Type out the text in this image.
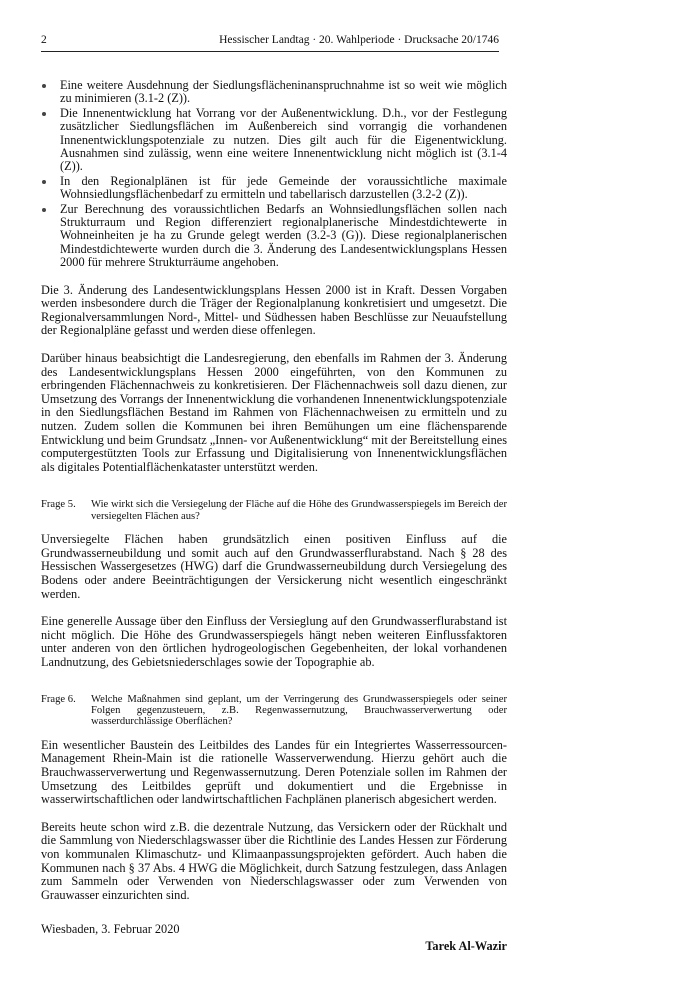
2	Hessischer Landtag · 20. Wahlperiode · Drucksache 20/1746
Eine weitere Ausdehnung der Siedlungsflächeninanspruchnahme ist so weit wie möglich zu minimieren (3.1-2 (Z)).
Die Innenentwicklung hat Vorrang vor der Außenentwicklung. D.h., vor der Festlegung zusätzlicher Siedlungsflächen im Außenbereich sind vorrangig die vorhandenen Innenentwicklungspotenziale zu nutzen. Dies gilt auch für die Eigenentwicklung. Ausnahmen sind zulässig, wenn eine weitere Innenentwicklung nicht möglich ist (3.1-4 (Z)).
In den Regionalplänen ist für jede Gemeinde der voraussichtliche maximale Wohnsiedlungsflächenbedarf zu ermitteln und tabellarisch darzustellen (3.2-2 (Z)).
Zur Berechnung des voraussichtlichen Bedarfs an Wohnsiedlungsflächen sollen nach Strukturraum und Region differenziert regionalplanerische Mindestdichtewerte in Wohneinheiten je ha zu Grunde gelegt werden (3.2-3 (G)). Diese regionalplanerischen Mindestdichtewerte wurden durch die 3. Änderung des Landesentwicklungsplans Hessen 2000 für mehrere Strukturräume angehoben.

Die 3. Änderung des Landesentwicklungsplans Hessen 2000 ist in Kraft. Dessen Vorgaben werden insbesondere durch die Träger der Regionalplanung konkretisiert und umgesetzt. Die Regionalversammlungen Nord-, Mittel- und Südhessen haben Beschlüsse zur Neuaufstellung der Regionalpläne gefasst und werden diese offenlegen.

Darüber hinaus beabsichtigt die Landesregierung, den ebenfalls im Rahmen der 3. Änderung des Landesentwicklungsplans Hessen 2000 eingeführten, von den Kommunen zu erbringenden Flächennachweis zu konkretisieren. Der Flächennachweis soll dazu dienen, zur Umsetzung des Vorrangs der Innenentwicklung die vorhandenen Innenentwicklungspotenziale in den Siedlungsflächen Bestand im Rahmen von Flächennachweisen zu ermitteln und zu nutzen. Zudem sollen die Kommunen bei ihren Bemühungen um eine flächensparende Entwicklung und beim Grundsatz „Innen- vor Außenentwicklung“ mit der Bereitstellung eines computergestützten Tools zur Erfassung und Digitalisierung von Innenentwicklungsflächen als digitales Potentialflächenkataster unterstützt werden.

Frage 5.	Wie wirkt sich die Versiegelung der Fläche auf die Höhe des Grundwasserspiegels im Bereich der versiegelten Flächen aus?

Unversiegelte Flächen haben grundsätzlich einen positiven Einfluss auf die Grundwasserneubildung und somit auch auf den Grundwasserflurabstand. Nach § 28 des Hessischen Wassergesetzes (HWG) darf die Grundwasserneubildung durch Versiegelung des Bodens oder andere Beeinträchtigungen der Versickerung nicht wesentlich eingeschränkt werden.

Eine generelle Aussage über den Einfluss der Versieglung auf den Grundwasserflurabstand ist nicht möglich. Die Höhe des Grundwasserspiegels hängt neben weiteren Einflussfaktoren unter anderen von den örtlichen hydrogeologischen Gegebenheiten, der lokal vorhandenen Landnutzung, des Gebietsniederschlages sowie der Topographie ab.

Frage 6.	Welche Maßnahmen sind geplant, um der Verringerung des Grundwasserspiegels oder seiner Folgen gegenzusteuern, z.B. Regenwassernutzung, Brauchwasserverwertung oder wasserdurchlässige Oberflächen?

Ein wesentlicher Baustein des Leitbildes des Landes für ein Integriertes Wasserressourcen-Management Rhein-Main ist die rationelle Wasserverwendung. Hierzu gehört auch die Brauchwasserverwertung und Regenwassernutzung. Deren Potenziale sollen im Rahmen der Umsetzung des Leitbildes geprüft und dokumentiert und die Ergebnisse in wasserwirtschaftlichen oder landwirtschaftlichen Fachplänen planerisch abgesichert werden.

Bereits heute schon wird z.B. die dezentrale Nutzung, das Versickern oder der Rückhalt und die Sammlung von Niederschlagswasser über die Richtlinie des Landes Hessen zur Förderung von kommunalen Klimaschutz- und Klimaanpassungsprojekten gefördert. Auch haben die Kommunen nach § 37 Abs. 4 HWG die Möglichkeit, durch Satzung festzulegen, dass Anlagen zum Sammeln oder Verwenden von Niederschlagswasser oder zum Verwenden von Grauwasser einzurichten sind.

Wiesbaden, 3. Februar 2020
Tarek Al-Wazir
